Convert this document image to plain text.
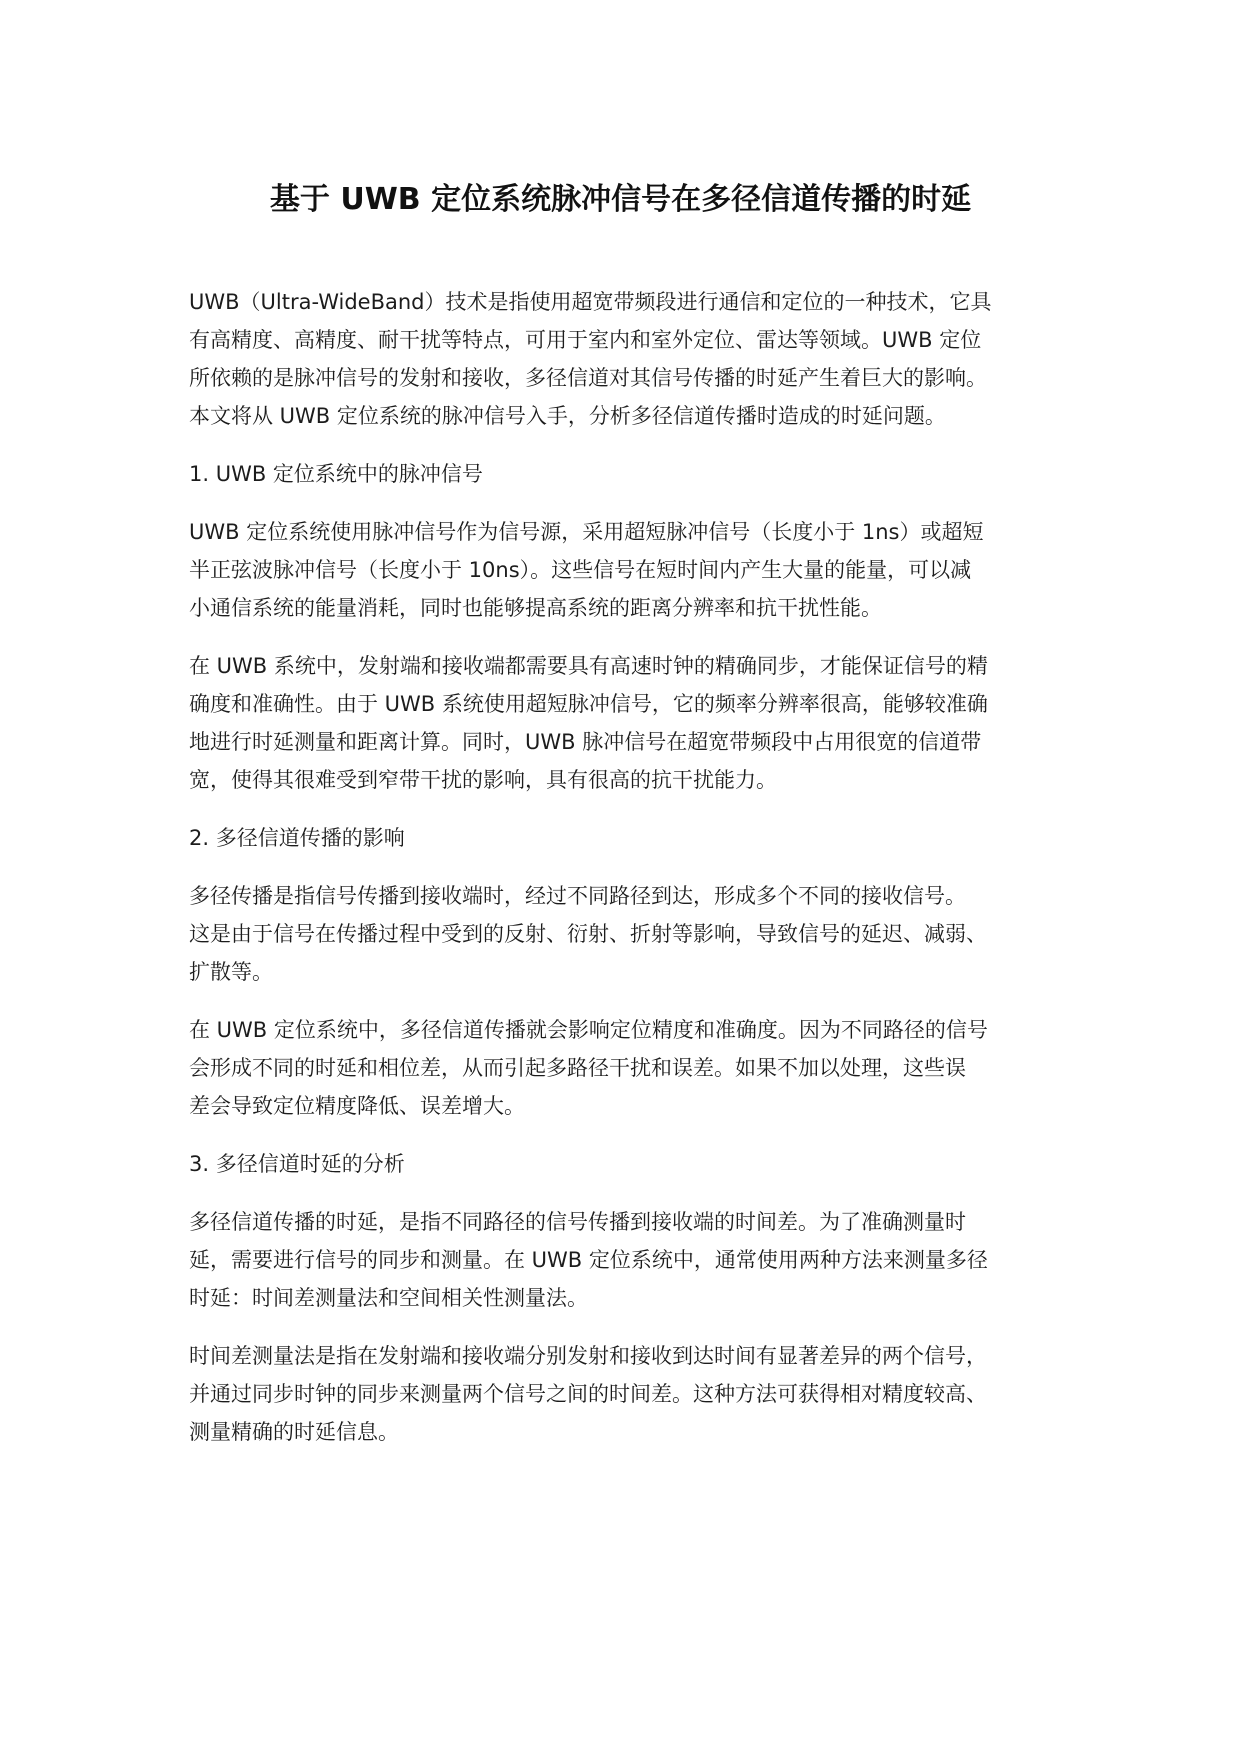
基于 UWB 定位系统脉冲信号在多径信道传播的时延

UWB（Ultra-WideBand）技术是指使用超宽带频段进行通信和定位的一种技术，它具
有高精度、高精度、耐干扰等特点，可用于室内和室外定位、雷达等领域。UWB 定位
所依赖的是脉冲信号的发射和接收，多径信道对其信号传播的时延产生着巨大的影响。
本文将从 UWB 定位系统的脉冲信号入手，分析多径信道传播时造成的时延问题。

1. UWB 定位系统中的脉冲信号

UWB 定位系统使用脉冲信号作为信号源，采用超短脉冲信号（长度小于 1ns）或超短
半正弦波脉冲信号（长度小于 10ns）。这些信号在短时间内产生大量的能量，可以减
小通信系统的能量消耗，同时也能够提高系统的距离分辨率和抗干扰性能。

在 UWB 系统中，发射端和接收端都需要具有高速时钟的精确同步，才能保证信号的精
确度和准确性。由于 UWB 系统使用超短脉冲信号，它的频率分辨率很高，能够较准确
地进行时延测量和距离计算。同时，UWB 脉冲信号在超宽带频段中占用很宽的信道带
宽，使得其很难受到窄带干扰的影响，具有很高的抗干扰能力。

2. 多径信道传播的影响

多径传播是指信号传播到接收端时，经过不同路径到达，形成多个不同的接收信号。
这是由于信号在传播过程中受到的反射、衍射、折射等影响，导致信号的延迟、减弱、
扩散等。

在 UWB 定位系统中，多径信道传播就会影响定位精度和准确度。因为不同路径的信号
会形成不同的时延和相位差，从而引起多路径干扰和误差。如果不加以处理，这些误
差会导致定位精度降低、误差增大。

3. 多径信道时延的分析

多径信道传播的时延，是指不同路径的信号传播到接收端的时间差。为了准确测量时
延，需要进行信号的同步和测量。在 UWB 定位系统中，通常使用两种方法来测量多径
时延：时间差测量法和空间相关性测量法。

时间差测量法是指在发射端和接收端分别发射和接收到达时间有显著差异的两个信号，
并通过同步时钟的同步来测量两个信号之间的时间差。这种方法可获得相对精度较高、
测量精确的时延信息。
